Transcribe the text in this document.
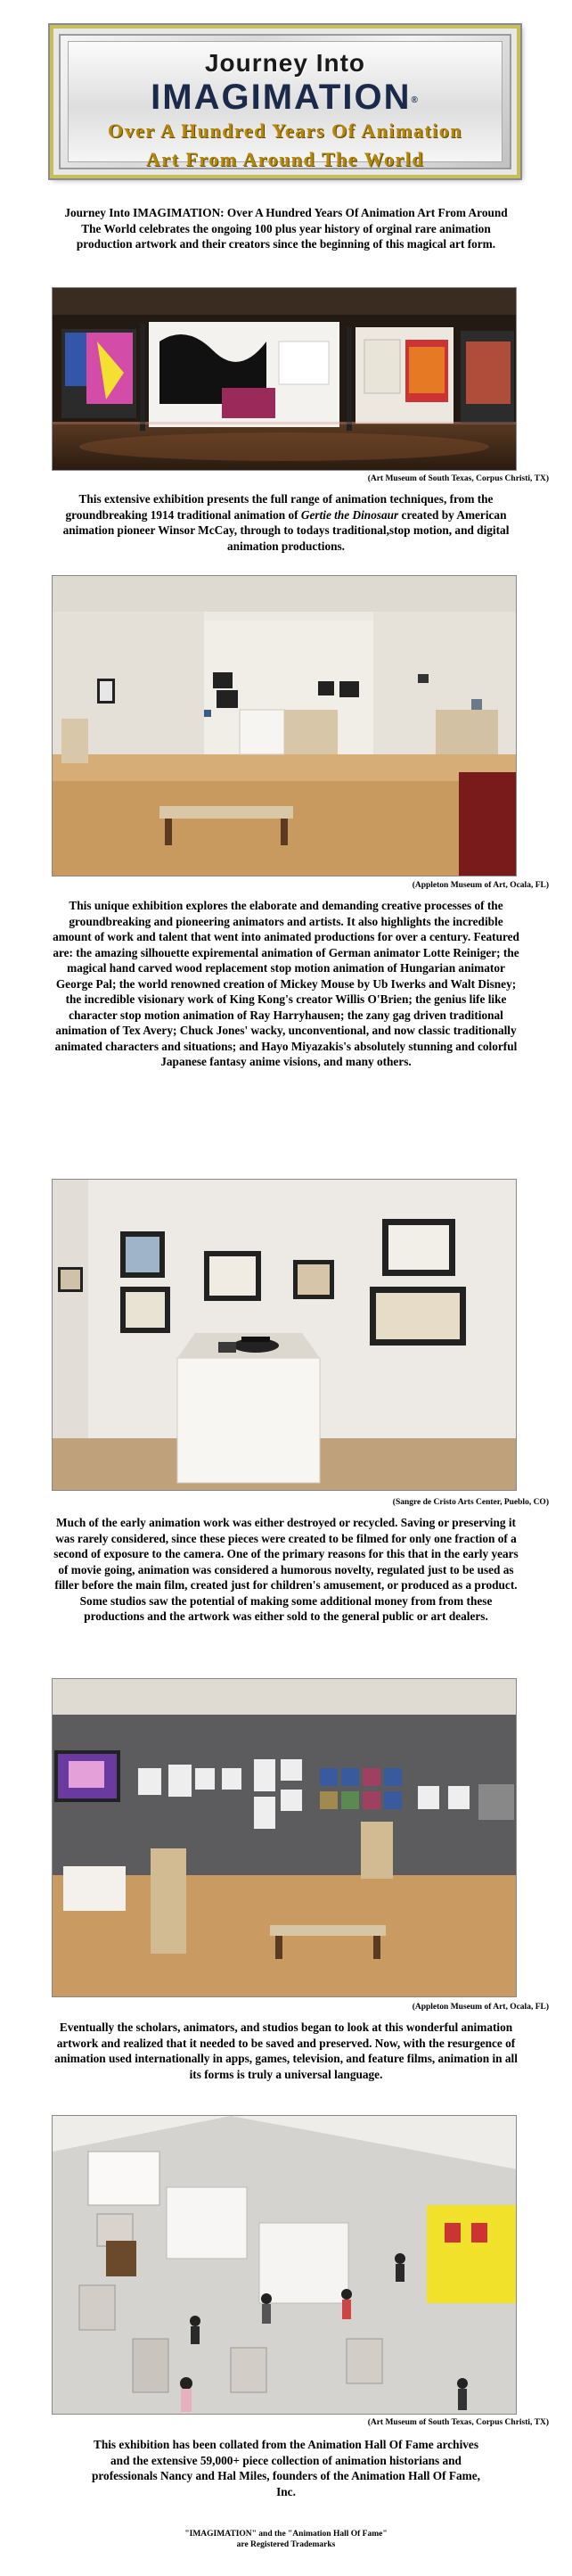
Journey Into
IMAGIMATION®
Over A Hundred Years Of Animation
Art From Around The World
Journey Into IMAGIMATION: Over A Hundred Years Of Animation Art From Around The World celebrates the ongoing 100 plus year history of orginal rare animation production artwork and their creators since the beginning of this magical art form.
(Art Museum of South Texas, Corpus Christi, TX)
This extensive exhibition presents the full range of animation techniques, from the groundbreaking 1914 traditional animation of Gertie the Dinosaur created by American animation pioneer Winsor McCay, through to todays traditional,stop motion, and digital animation productions.
(Appleton Museum of Art, Ocala, FL)
This unique exhibition explores the elaborate and demanding creative processes of the groundbreaking and pioneering animators and artists. It also highlights the incredible amount of work and talent that went into animated productions for over a century. Featured are: the amazing silhouette expiremental animation of German animator Lotte Reiniger; the magical hand carved wood replacement stop motion animation of Hungarian animator George Pal; the world renowned creation of Mickey Mouse by Ub Iwerks and Walt Disney; the incredible visionary work of King Kong's creator Willis O'Brien; the genius life like character stop motion animation of Ray Harryhausen; the zany gag driven traditional animation of Tex Avery; Chuck Jones' wacky, unconventional, and now classic traditionally animated characters and situations; and Hayo Miyazakis's absolutely stunning and colorful Japanese fantasy anime visions, and many others.
(Sangre de Cristo Arts Center, Pueblo, CO)
Much of the early animation work was either destroyed or recycled. Saving or preserving it was rarely considered, since these pieces were created to be filmed for only one fraction of a second of exposure to the camera. One of the primary reasons for this that in the early years of movie going, animation was considered a humorous novelty, regulated just to be used as filler before the main film, created just for children's amusement, or produced as a product. Some studios saw the potential of making some additional money from from these productions and the artwork was either sold to the general public or art dealers.
(Appleton Museum of Art, Ocala, FL)
Eventually the scholars, animators, and studios began to look at this wonderful animation artwork and realized that it needed to be saved and preserved. Now, with the resurgence of animation used internationally in apps, games, television, and feature films, animation in all its forms is truly a universal language.
(Art Museum of South Texas, Corpus Christi, TX)
This exhibition has been collated from the Animation Hall Of Fame archives and the extensive 59,000+ piece collection of animation historians and professionals Nancy and Hal Miles, founders of the Animation Hall Of Fame, Inc.
"IMAGIMATION" and the "Animation Hall Of Fame"
are Registered Trademarks
